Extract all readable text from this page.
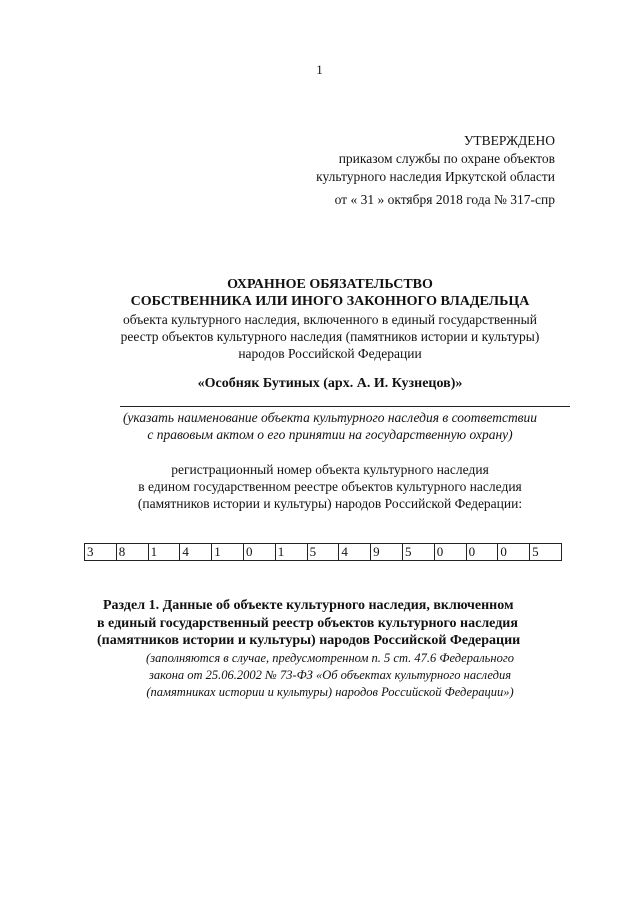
1
УТВЕРЖДЕНО
приказом службы по охране объектов
культурного наследия Иркутской области
от « 31 » октября 2018 года № 317-спр
ОХРАННОЕ ОБЯЗАТЕЛЬСТВО
СОБСТВЕННИКА ИЛИ ИНОГО ЗАКОННОГО ВЛАДЕЛЬЦА
объекта культурного наследия, включенного в единый государственный
реестр объектов культурного наследия (памятников истории и культуры)
народов Российской Федерации
«Особняк Бутиных (арх. А. И. Кузнецов)»
(указать наименование объекта культурного наследия в соответствии
с правовым актом о его принятии на государственную охрану)
регистрационный номер объекта культурного наследия
в едином государственном реестре объектов культурного наследия
(памятников истории и культуры) народов Российской Федерации:
3	8	1	4	1	0	1	5	4	9	5	0	0	0	5
Раздел 1. Данные об объекте культурного наследия, включенном
в единый государственный реестр объектов культурного наследия
(памятников истории и культуры) народов Российской Федерации
(заполняются в случае, предусмотренном п. 5 ст. 47.6 Федерального
закона от 25.06.2002 № 73-ФЗ «Об объектах культурного наследия
(памятниках истории и культуры) народов Российской Федерации»)
